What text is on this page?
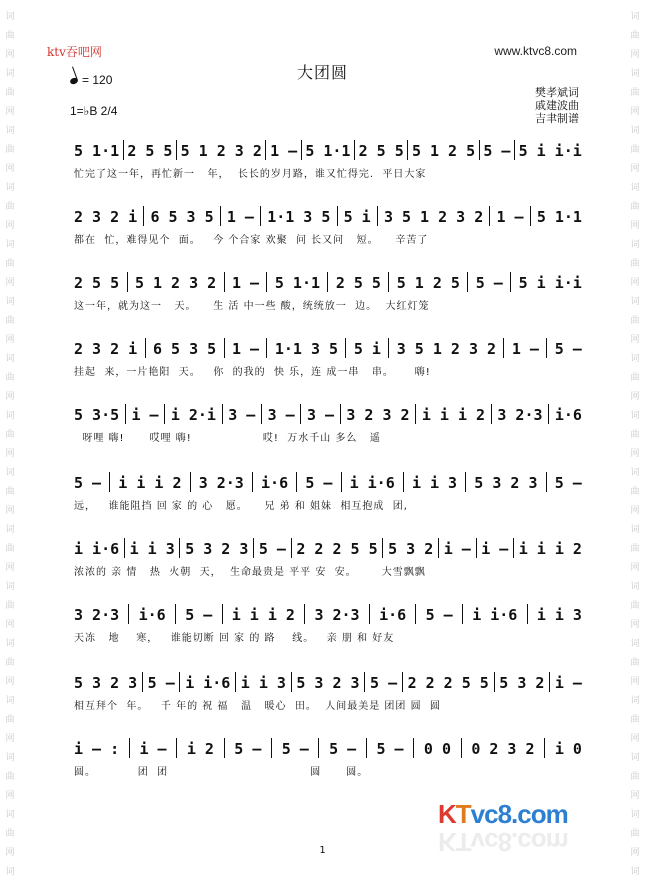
词
曲
网
词
曲
网
词
曲
网
词
曲
网
词
曲
网
词
曲
网
词
曲
网
词
曲
网
词
曲
网
词
曲
网
词
曲
网
词
曲
网
词
曲
网
词
曲
网
词
曲
网
词
词
曲
网
词
曲
网
词
曲
网
词
曲
网
词
曲
网
词
曲
网
词
曲
网
词
曲
网
词
曲
网
词
曲
网
词
曲
网
词
曲
网
词
曲
网
词
曲
网
词
曲
网
词
ktv吞吧网	www.ktvc8.com
大团圆
= 120
1=♭B 2/4
樊孝斌词
戚建波曲
吉聿制谱
5 1·1 2 5 5 5 1 2 3 2 1 – 5 1·1 2 5 5 5 1 2 5 5 – 5 i i·i
忙完了这一年，再忙新一   年，  长长的岁月路，谁又忙得完.  平日大家
2 3 2 i 6 5 3 5 1 – 1·1 3 5 5 i 3 5 1 2 3 2 1 – 5 1·1
都在  忙，难得见个  面。   今 个合家 欢聚  问 长又问   短。    辛苦了
2 5 5 5 1 2 3 2 1 – 5 1·1 2 5 5 5 1 2 5 5 – 5 i i·i
这一年，就为这一   天。    生 活 中一些 酸，统统放一  边。  大红灯笼
2 3 2 i 6 5 3 5 1 – 1·1 3 5 5 i 3 5 1 2 3 2 1 – 5 –
挂起  来，一片艳阳  天。   你  的我的  快 乐，连 成一串   串。     嗨!
5 3·5 i – i 2·i 3 – 3 – 3 – 3 2 3 2 i i i 2 3 2·3 i·6
呀哩 嗨!      哎哩 嗨!                 哎!  万水千山 多么   遥
5 – i i i 2 3 2·3 i·6 5 – i i·6 i i 3 5 3 2 3 5 –
远，   谁能阻挡 回 家 的 心   愿。    兄 弟 和 姐妹  相互抱成  团,
i i·6 i i 3 5 3 2 3 5 – 2 2 2 5 5 5 3 2 i – i – i i i 2
浓浓的 亲 情   热  火朝  天，  生命最贵是 平平 安  安。      大雪飘飘
3 2·3 i·6 5 – i i i 2 3 2·3 i·6 5 – i i·6 i i 3
天冻   地    寒，   谁能切断 回 家 的 路    线。   亲 朋 和 好友
5 3 2 3 5 – i i·6 i i 3 5 3 2 3 5 – 2 2 2 5 5 5 3 2 i –
相互拜个  年。   千 年的 祝 福   温   暖心  田。  人间最美是 团团 圆  圆
i – : i – i 2 5 – 5 – 5 – 5 – 0 0 0 2 3 2 i 0
圆。          团  团                                  圆      圆。
1
KTvc8.com
KTvc8.com
